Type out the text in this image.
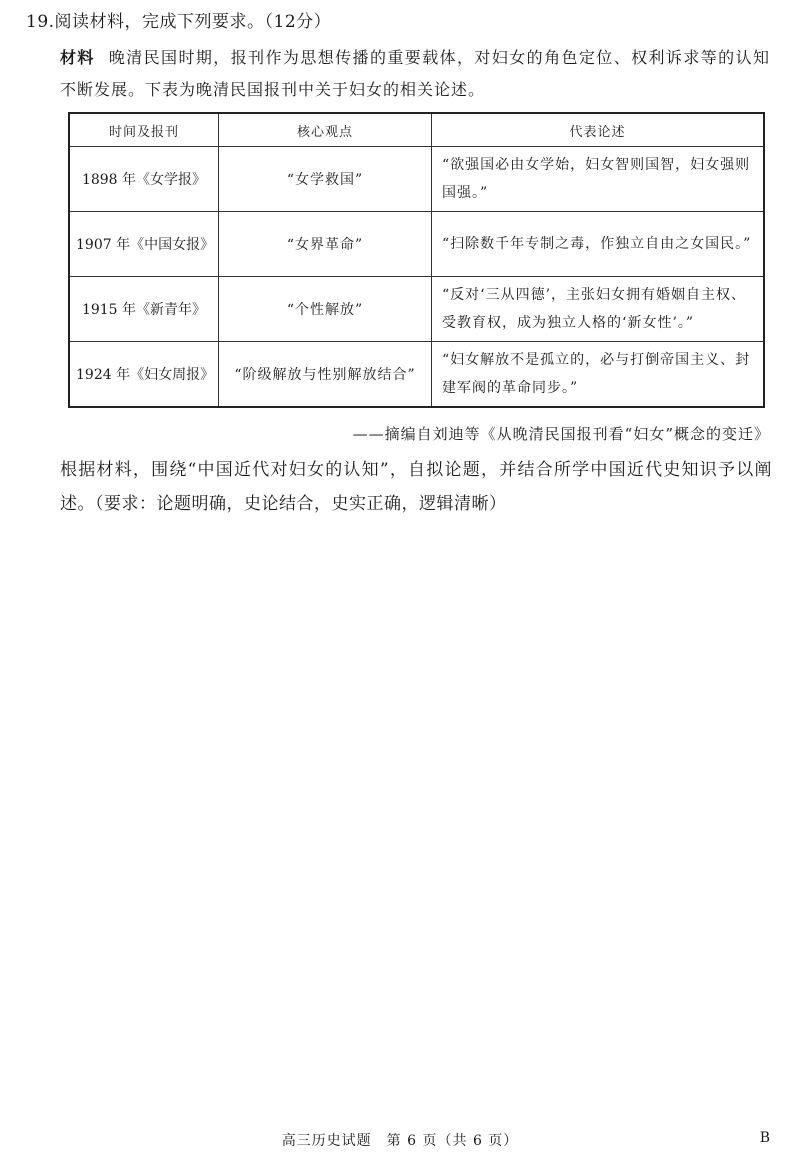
19.阅读材料，完成下列要求。（12分）
材料 晚清民国时期，报刊作为思想传播的重要载体，对妇女的角色定位、权利诉求等的认知不断发展。下表为晚清民国报刊中关于妇女的相关论述。
时间及报刊	核心观点	代表论述
1898 年《女学报》	“女学救国”	“欲强国必由女学始，妇女智则国智，妇女强则国强。”
1907 年《中国女报》	“女界革命”	“扫除数千年专制之毒，作独立自由之女国民。”
1915 年《新青年》	“个性解放”	“反对‘三从四德’，主张妇女拥有婚姻自主权、受教育权，成为独立人格的‘新女性’。”
1924 年《妇女周报》	“阶级解放与性别解放结合”	“妇女解放不是孤立的，必与打倒帝国主义、封建军阀的革命同步。”
——摘编自刘迪等《从晚清民国报刊看“妇女”概念的变迁》
根据材料，围绕“中国近代对妇女的认知”，自拟论题，并结合所学中国近代史知识予以阐述。（要求：论题明确，史论结合，史实正确，逻辑清晰）
高三历史试题　第 6 页（共 6 页）	B
